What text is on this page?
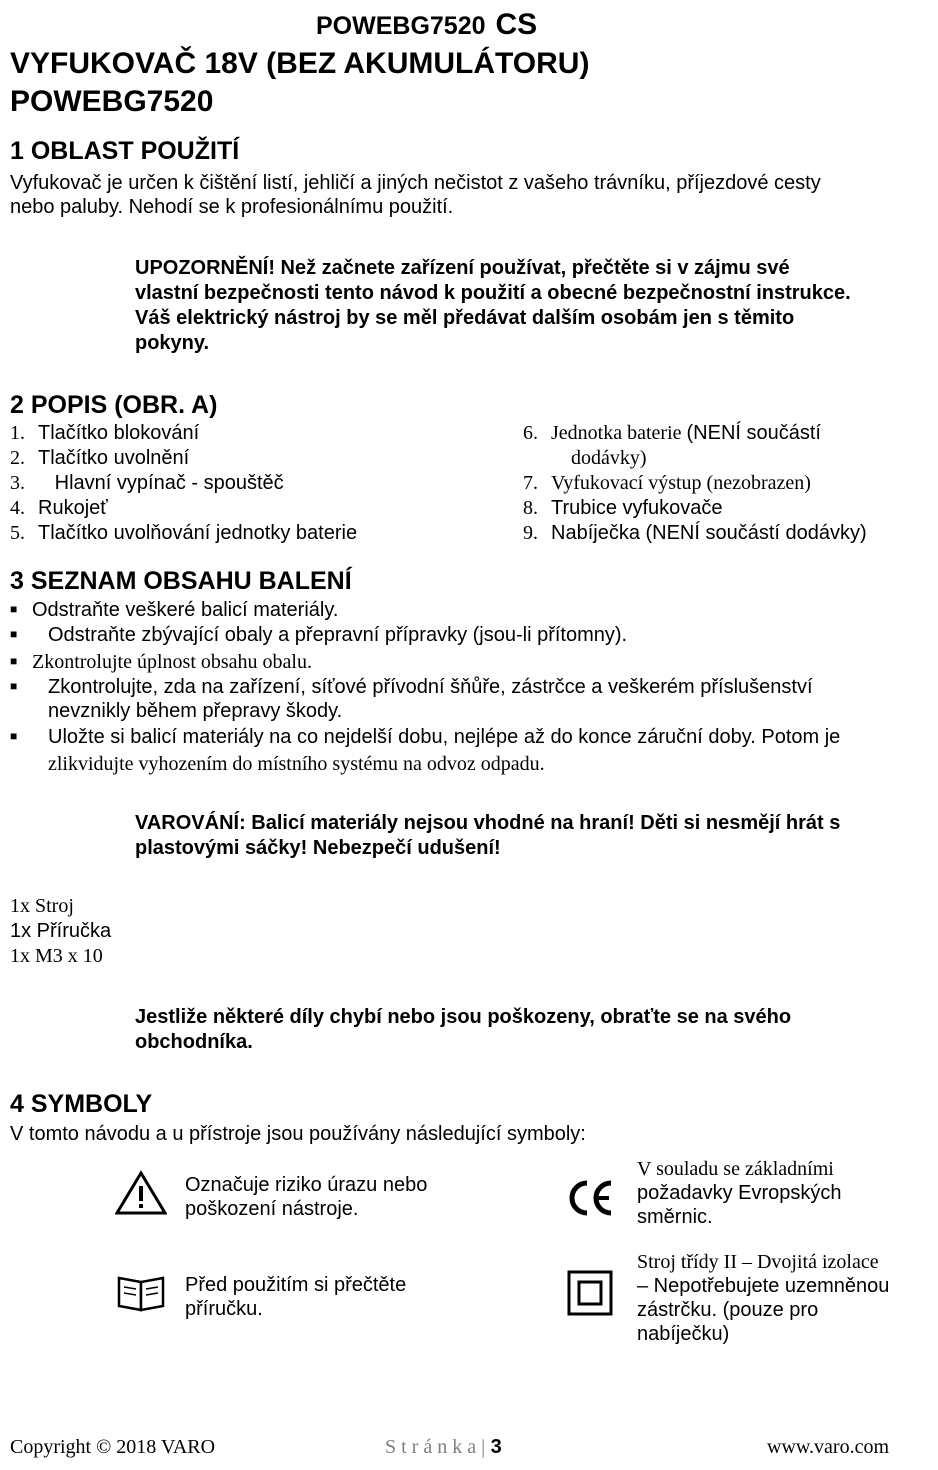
POWEBG7520 CS
VYFUKOVAČ 18V (BEZ AKUMULÁTORU)
POWEBG7520
1 OBLAST POUŽITÍ
Vyfukovač je určen k čištění listí, jehličí a jiných nečistot z vašeho trávníku, příjezdové cesty
nebo paluby. Nehodí se k profesionálnímu použití.
UPOZORNĚNÍ! Než začnete zařízení používat, přečtěte si v zájmu své
vlastní bezpečnosti tento návod k použití a obecné bezpečnostní instrukce.
Váš elektrický nástroj by se měl předávat dalším osobám jen s těmito
pokyny.
2 POPIS (OBR. A)
1. Tlačítko blokování
2. Tlačítko uvolnění
3.   Hlavní vypínač - spouště​č
4. Rukojeť
5. Tlačítko uvolňování jednotky baterie
6. Jednotka baterie (NENÍ součástí
dodávky)
7. Vyfukovací výstup (nezobrazen)
8. Trubice vyfukovače
9. Nabíječka (NENÍ součástí dodávky)
3 SEZNAM OBSAHU BALENÍ
■ Odstraňte veškeré balicí materiály.
■ Odstraňte zbývající obaly a přepravní přípravky (jsou-li přítomny).
■ Zkontrolujte úplnost obsahu obalu.
■ Zkontrolujte, zda na zařízení, síťové přívodní šňůře, zástrčce a veškerém příslušenství
nevznikly během přepravy škody.
■ Uložte si balicí materiály na co nejdelší dobu, nejlépe až do konce záruční doby. Potom je
zlikvidujte vyhozením do místního systému na odvoz odpadu.
VAROVÁNÍ: Balicí materiály nejsou vhodné na hraní! Děti si nesmějí hrát s
plastovými sáčky! Nebezpečí udušení!
1x Stroj
1x Příručka
1x M3 x 10
Jestliže některé díly chybí nebo jsou poškozeny, obraťte se na svého
obchodníka.
4 SYMBOLY
V tomto návodu a u přístroje jsou používány následující symboly:
Označuje riziko úrazu nebo
poškození nástroje.
Před použitím si přečtěte
příručku.
V souladu se základními
požadavky Evropských
směrnic.
Stroj třídy II – Dvojitá izolace
– Nepotřebujete uzemněnou
zástrčku. (pouze pro
nabíječku)
Copyright © 2018 VARO	S t r á n k a | 3	www.varo.com
